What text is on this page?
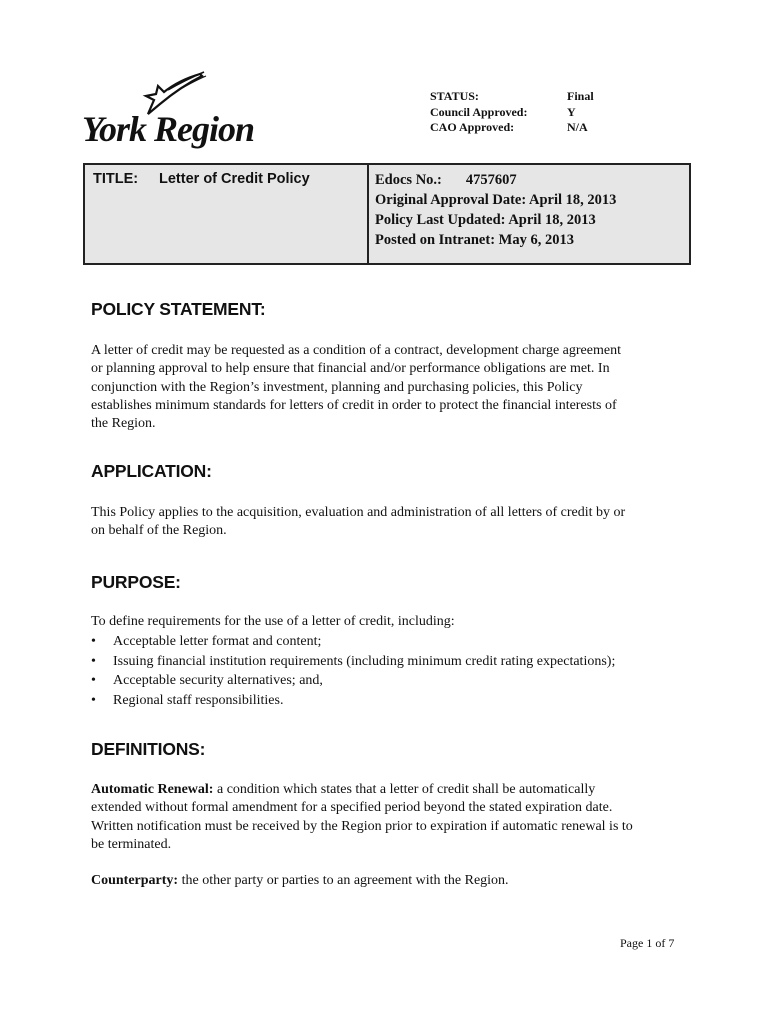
York Region
STATUS:	Final
Council Approved:	Y
CAO Approved:	N/A
TITLE: Letter of Credit Policy	Edocs No.: 4757607
Original Approval Date: April 18, 2013
Policy Last Updated: April 18, 2013
Posted on Intranet: May 6, 2013
POLICY STATEMENT:
A letter of credit may be requested as a condition of a contract, development charge agreement
or planning approval to help ensure that financial and/or performance obligations are met. In
conjunction with the Region’s investment, planning and purchasing policies, this Policy
establishes minimum standards for letters of credit in order to protect the financial interests of
the Region.
APPLICATION:
This Policy applies to the acquisition, evaluation and administration of all letters of credit by or
on behalf of the Region.
PURPOSE:
To define requirements for the use of a letter of credit, including:
• Acceptable letter format and content;
• Issuing financial institution requirements (including minimum credit rating expectations);
• Acceptable security alternatives; and,
• Regional staff responsibilities.
DEFINITIONS:
Automatic Renewal: a condition which states that a letter of credit shall be automatically
extended without formal amendment for a specified period beyond the stated expiration date.
Written notification must be received by the Region prior to expiration if automatic renewal is to
be terminated.
Counterparty: the other party or parties to an agreement with the Region.
Page 1 of 7
